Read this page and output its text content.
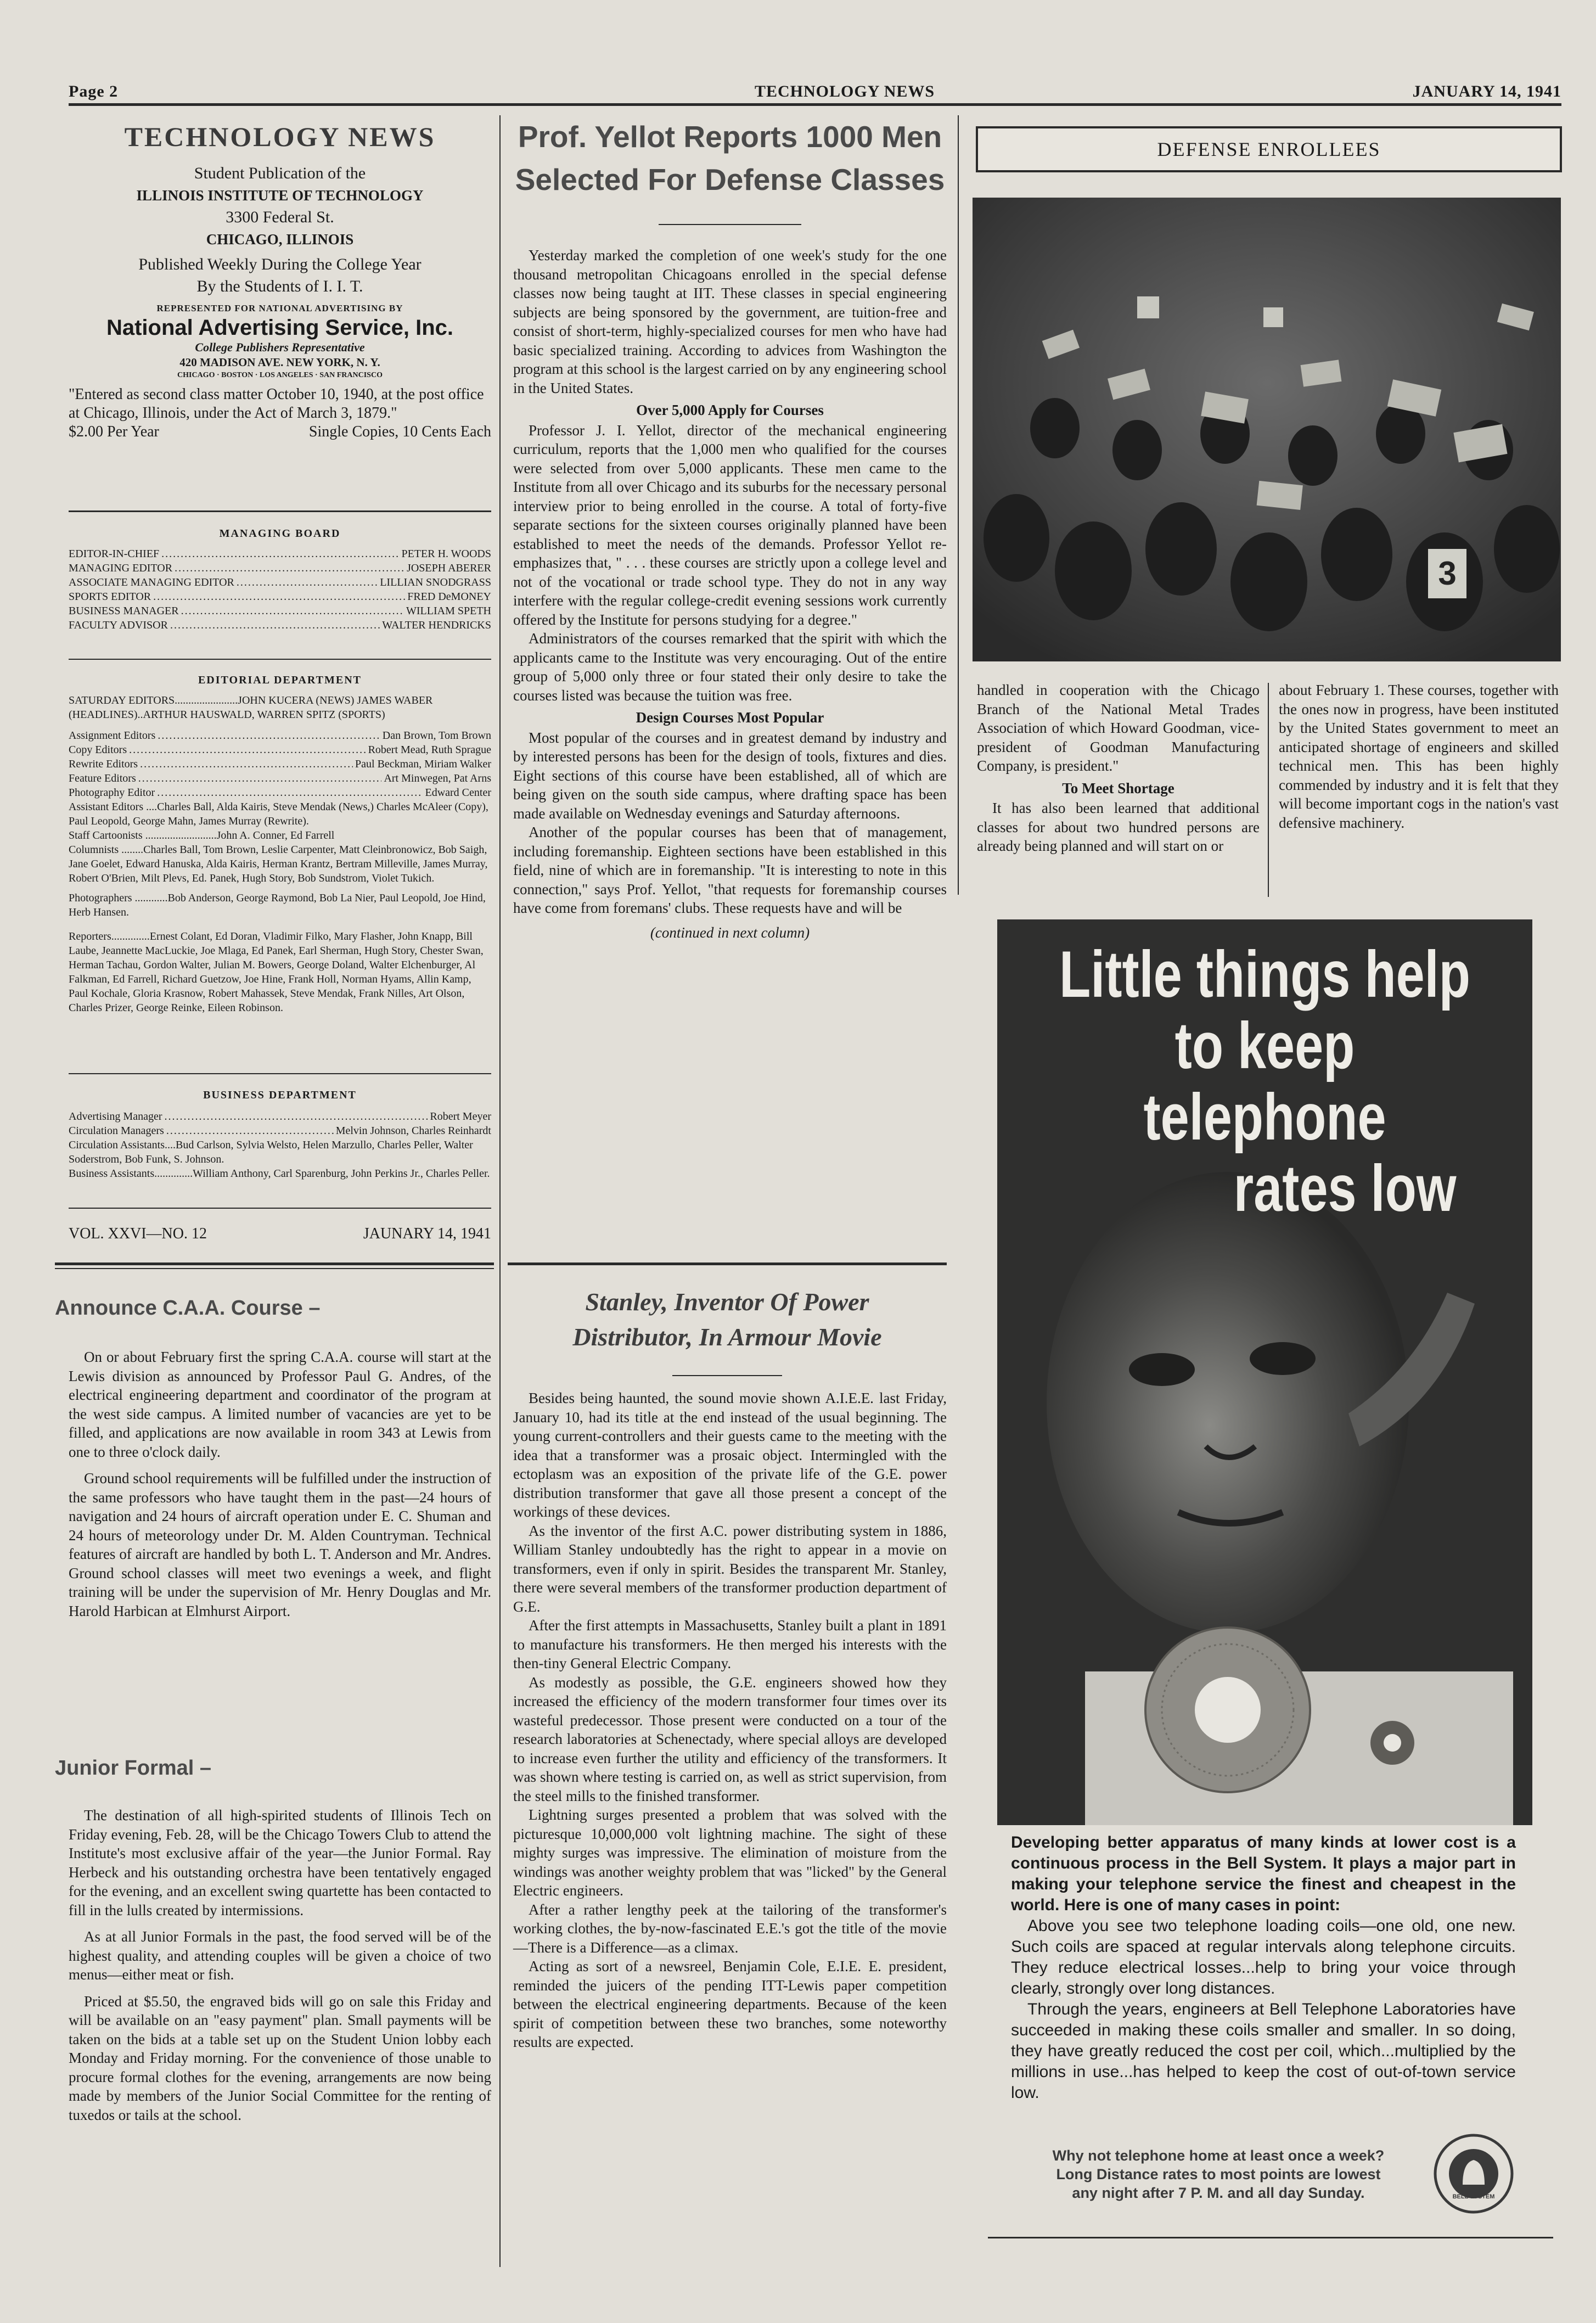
Page 2	TECHNOLOGY NEWS	JANUARY 14, 1941
TECHNOLOGY NEWS
Student Publication of the
ILLINOIS INSTITUTE OF TECHNOLOGY
3300 Federal St.
CHICAGO, ILLINOIS
Published Weekly During the College Year
By the Students of I. I. T.
REPRESENTED FOR NATIONAL ADVERTISING BY
National Advertising Service, Inc.
College Publishers Representative
420 MADISON AVE. NEW YORK, N. Y.
CHICAGO · BOSTON · LOS ANGELES · SAN FRANCISCO
"Entered as second class matter October 10, 1940, at the post office at Chicago, Illinois, under the Act of March 3, 1879."
$2.00 Per Year	Single Copies, 10 Cents Each
MANAGING BOARD
EDITOR-IN-CHIEF .....	PETER H. WOODS
MANAGING EDITOR .....	JOSEPH ABERER
ASSOCIATE MANAGING EDITOR .....	LILLIAN SNODGRASS
SPORTS EDITOR .....	FRED DeMONEY
BUSINESS MANAGER .....	WILLIAM SPETH
FACULTY ADVISOR .....	WALTER HENDRICKS
EDITORIAL DEPARTMENT
SATURDAY EDITORS.......................JOHN KUCERA (NEWS) JAMES WABER (HEADLINES)..ARTHUR HAUSWALD, WARREN SPITZ (SPORTS)
Assignment Editors .....	Dan Brown, Tom Brown
Copy Editors .....	Robert Mead, Ruth Sprague
Rewrite Editors .....	Paul Beckman, Miriam Walker
Feature Editors .....	Art Minwegen, Pat Arns
Photography Editor .....	Edward Center
Assistant Editors ....Charles Ball, Alda Kairis, Steve Mendak (News,) Charles McAleer (Copy), Paul Leopold, George Mahn, James Murray (Rewrite).
Staff Cartoonists ..........................John A. Conner, Ed Farrell
Columnists ........Charles Ball, Tom Brown, Leslie Carpenter, Matt Cleinbronowicz, Bob Saigh, Jane Goelet, Edward Hanuska, Alda Kairis, Herman Krantz, Bertram Milleville, James Murray, Robert O'Brien, Milt Plevs, Ed. Panek, Hugh Story, Bob Sundstrom, Violet Tukich.
Photographers ............Bob Anderson, George Raymond, Bob La Nier, Paul Leopold, Joe Hind, Herb Hansen.
Reporters..............Ernest Colant, Ed Doran, Vladimir Filko, Mary Flasher, John Knapp, Bill Laube, Jeannette MacLuckie, Joe Mlaga, Ed Panek, Earl Sherman, Hugh Story, Chester Swan, Herman Tachau, Gordon Walter, Julian M. Bowers, George Doland, Walter Elchenburger, Al Falkman, Ed Farrell, Richard Guetzow, Joe Hine, Frank Holl, Norman Hyams, Allin Kamp, Paul Kochale, Gloria Krasnow, Robert Mahassek, Steve Mendak, Frank Nilles, Art Olson, Charles Prizer, George Reinke, Eileen Robinson.
BUSINESS DEPARTMENT
Advertising Manager .....	Robert Meyer
Circulation Managers .....	Melvin Johnson, Charles Reinhardt
Circulation Assistants....Bud Carlson, Sylvia Welsto, Helen Marzullo, Charles Peller, Walter Soderstrom, Bob Funk, S. Johnson.
Business Assistants..............William Anthony, Carl Sparenburg, John Perkins Jr., Charles Peller.
VOL. XXVI—NO. 12	JAUNARY 14, 1941
Announce C.A.A. Course –

On or about February first the spring C.A.A. course will start at the Lewis division as announced by Professor Paul G. Andres, of the electrical engineering department and coordinator of the program at the west side campus. A limited number of vacancies are yet to be filled, and applications are now available in room 343 at Lewis from one to three o'clock daily.

Ground school requirements will be fulfilled under the instruction of the same professors who have taught them in the past—24 hours of navigation and 24 hours of aircraft operation under E. C. Shuman and 24 hours of meteorology under Dr. M. Alden Countryman. Technical features of aircraft are handled by both L. T. Anderson and Mr. Andres. Ground school classes will meet two evenings a week, and flight training will be under the supervision of Mr. Henry Douglas and Mr. Harold Harbican at Elmhurst Airport.

Junior Formal –

The destination of all high-spirited students of Illinois Tech on Friday evening, Feb. 28, will be the Chicago Towers Club to attend the Institute's most exclusive affair of the year—the Junior Formal. Ray Herbeck and his outstanding orchestra have been tentatively engaged for the evening, and an excellent swing quartette has been contacted to fill in the lulls created by intermissions.

As at all Junior Formals in the past, the food served will be of the highest quality, and attending couples will be given a choice of two menus—either meat or fish.

Priced at $5.50, the engraved bids will go on sale this Friday and will be available on an "easy payment" plan. Small payments will be taken on the bids at a table set up on the Student Union lobby each Monday and Friday morning. For the convenience of those unable to procure formal clothes for the evening, arrangements are now being made by members of the Junior Social Committee for the renting of tuxedos or tails at the school.

Prof. Yellot Reports 1000 Men
Selected For Defense Classes

Yesterday marked the completion of one week's study for the one thousand metropolitan Chicagoans enrolled in the special defense classes now being taught at IIT. These classes in special engineering subjects are being sponsored by the government, are tuition-free and consist of short-term, highly-specialized courses for men who have had basic specialized training. According to advices from Washington the program at this school is the largest carried on by any engineering school in the United States.

Over 5,000 Apply for Courses

Professor J. I. Yellot, director of the mechanical engineering curriculum, reports that the 1,000 men who qualified for the courses were selected from over 5,000 applicants. These men came to the Institute from all over Chicago and its suburbs for the necessary personal interview prior to being enrolled in the course. A total of forty-five separate sections for the sixteen courses originally planned have been established to meet the needs of the demands. Professor Yellot re-emphasizes that, " . . . these courses are strictly upon a college level and not of the vocational or trade school type. They do not in any way interfere with the regular college-credit evening sessions work currently offered by the Institute for persons studying for a degree."

Administrators of the courses remarked that the spirit with which the applicants came to the Institute was very encouraging. Out of the entire group of 5,000 only three or four stated their only desire to take the courses listed was because the tuition was free.

Design Courses Most Popular

Most popular of the courses and in greatest demand by industry and by interested persons has been for the design of tools, fixtures and dies. Eight sections of this course have been established, all of which are being given on the south side campus, where drafting space has been made available on Wednesday evenings and Saturday afternoons.

Another of the popular courses has been that of management, including foremanship. Eighteen sections have been established in this field, nine of which are in foremanship. "It is interesting to note in this connection," says Prof. Yellot, "that requests for foremanship courses have come from foremans' clubs. These requests have and will be

(continued in next column)
Stanley, Inventor Of Power
Distributor, In Armour Movie

Besides being haunted, the sound movie shown A.I.E.E. last Friday, January 10, had its title at the end instead of the usual beginning. The young current-controllers and their guests came to the meeting with the idea that a transformer was a prosaic object. Intermingled with the ectoplasm was an exposition of the private life of the G.E. power distribution transformer that gave all those present a concept of the workings of these devices.

As the inventor of the first A.C. power distributing system in 1886, William Stanley undoubtedly has the right to appear in a movie on transformers, even if only in spirit. Besides the transparent Mr. Stanley, there were several members of the transformer production department of G.E.

After the first attempts in Massachusetts, Stanley built a plant in 1891 to manufacture his transformers. He then merged his interests with the then-tiny General Electric Company.

As modestly as possible, the G.E. engineers showed how they increased the efficiency of the modern transformer four times over its wasteful predecessor. Those present were conducted on a tour of the research laboratories at Schenectady, where special alloys are developed to increase even further the utility and efficiency of the transformers. It was shown where testing is carried on, as well as strict supervision, from the steel mills to the finished transformer.

Lightning surges presented a problem that was solved with the picturesque 10,000,000 volt lightning machine. The sight of these mighty surges was impressive. The elimination of moisture from the windings was another weighty problem that was "licked" by the General Electric engineers.

After a rather lengthy peek at the tailoring of the transformer's working clothes, the by-now-fascinated E.E.'s got the title of the movie—There is a Difference—as a climax.

Acting as sort of a newsreel, Benjamin Cole, E.I.E. E. president, reminded the juicers of the pending ITT-Lewis paper competition between the electrical engineering departments. Because of the keen spirit of competition between these two branches, some noteworthy results are expected.

DEFENSE ENROLLEES
3

handled in cooperation with the Chicago Branch of the National Metal Trades Association of which Howard Goodman, vice-president of Goodman Manufacturing Company, is president."

To Meet Shortage

It has also been learned that additional classes for about two hundred persons are already being planned and will start on or

about February 1. These courses, together with the ones now in progress, have been instituted by the United States government to meet an anticipated shortage of engineers and skilled technical men. This has been highly commended by industry and it is felt that they will become important cogs in the nation's vast defensive machinery.

Little things help
to keep telephone
rates low

Developing better apparatus of many kinds at lower cost is a continuous process in the Bell System. It plays a major part in making your telephone service the finest and cheapest in the world. Here is one of many cases in point:

Above you see two telephone loading coils—one old, one new. Such coils are spaced at regular intervals along telephone circuits. They reduce electrical losses...help to bring your voice through clearly, strongly over long distances.

Through the years, engineers at Bell Telephone Laboratories have succeeded in making these coils smaller and smaller. In so doing, they have greatly reduced the cost per coil, which...multiplied by the millions in use...has helped to keep the cost of out-of-town service low.

Why not telephone home at least once a week?
Long Distance rates to most points are lowest
any night after 7 P. M. and all day Sunday.	BELL SYSTEM
